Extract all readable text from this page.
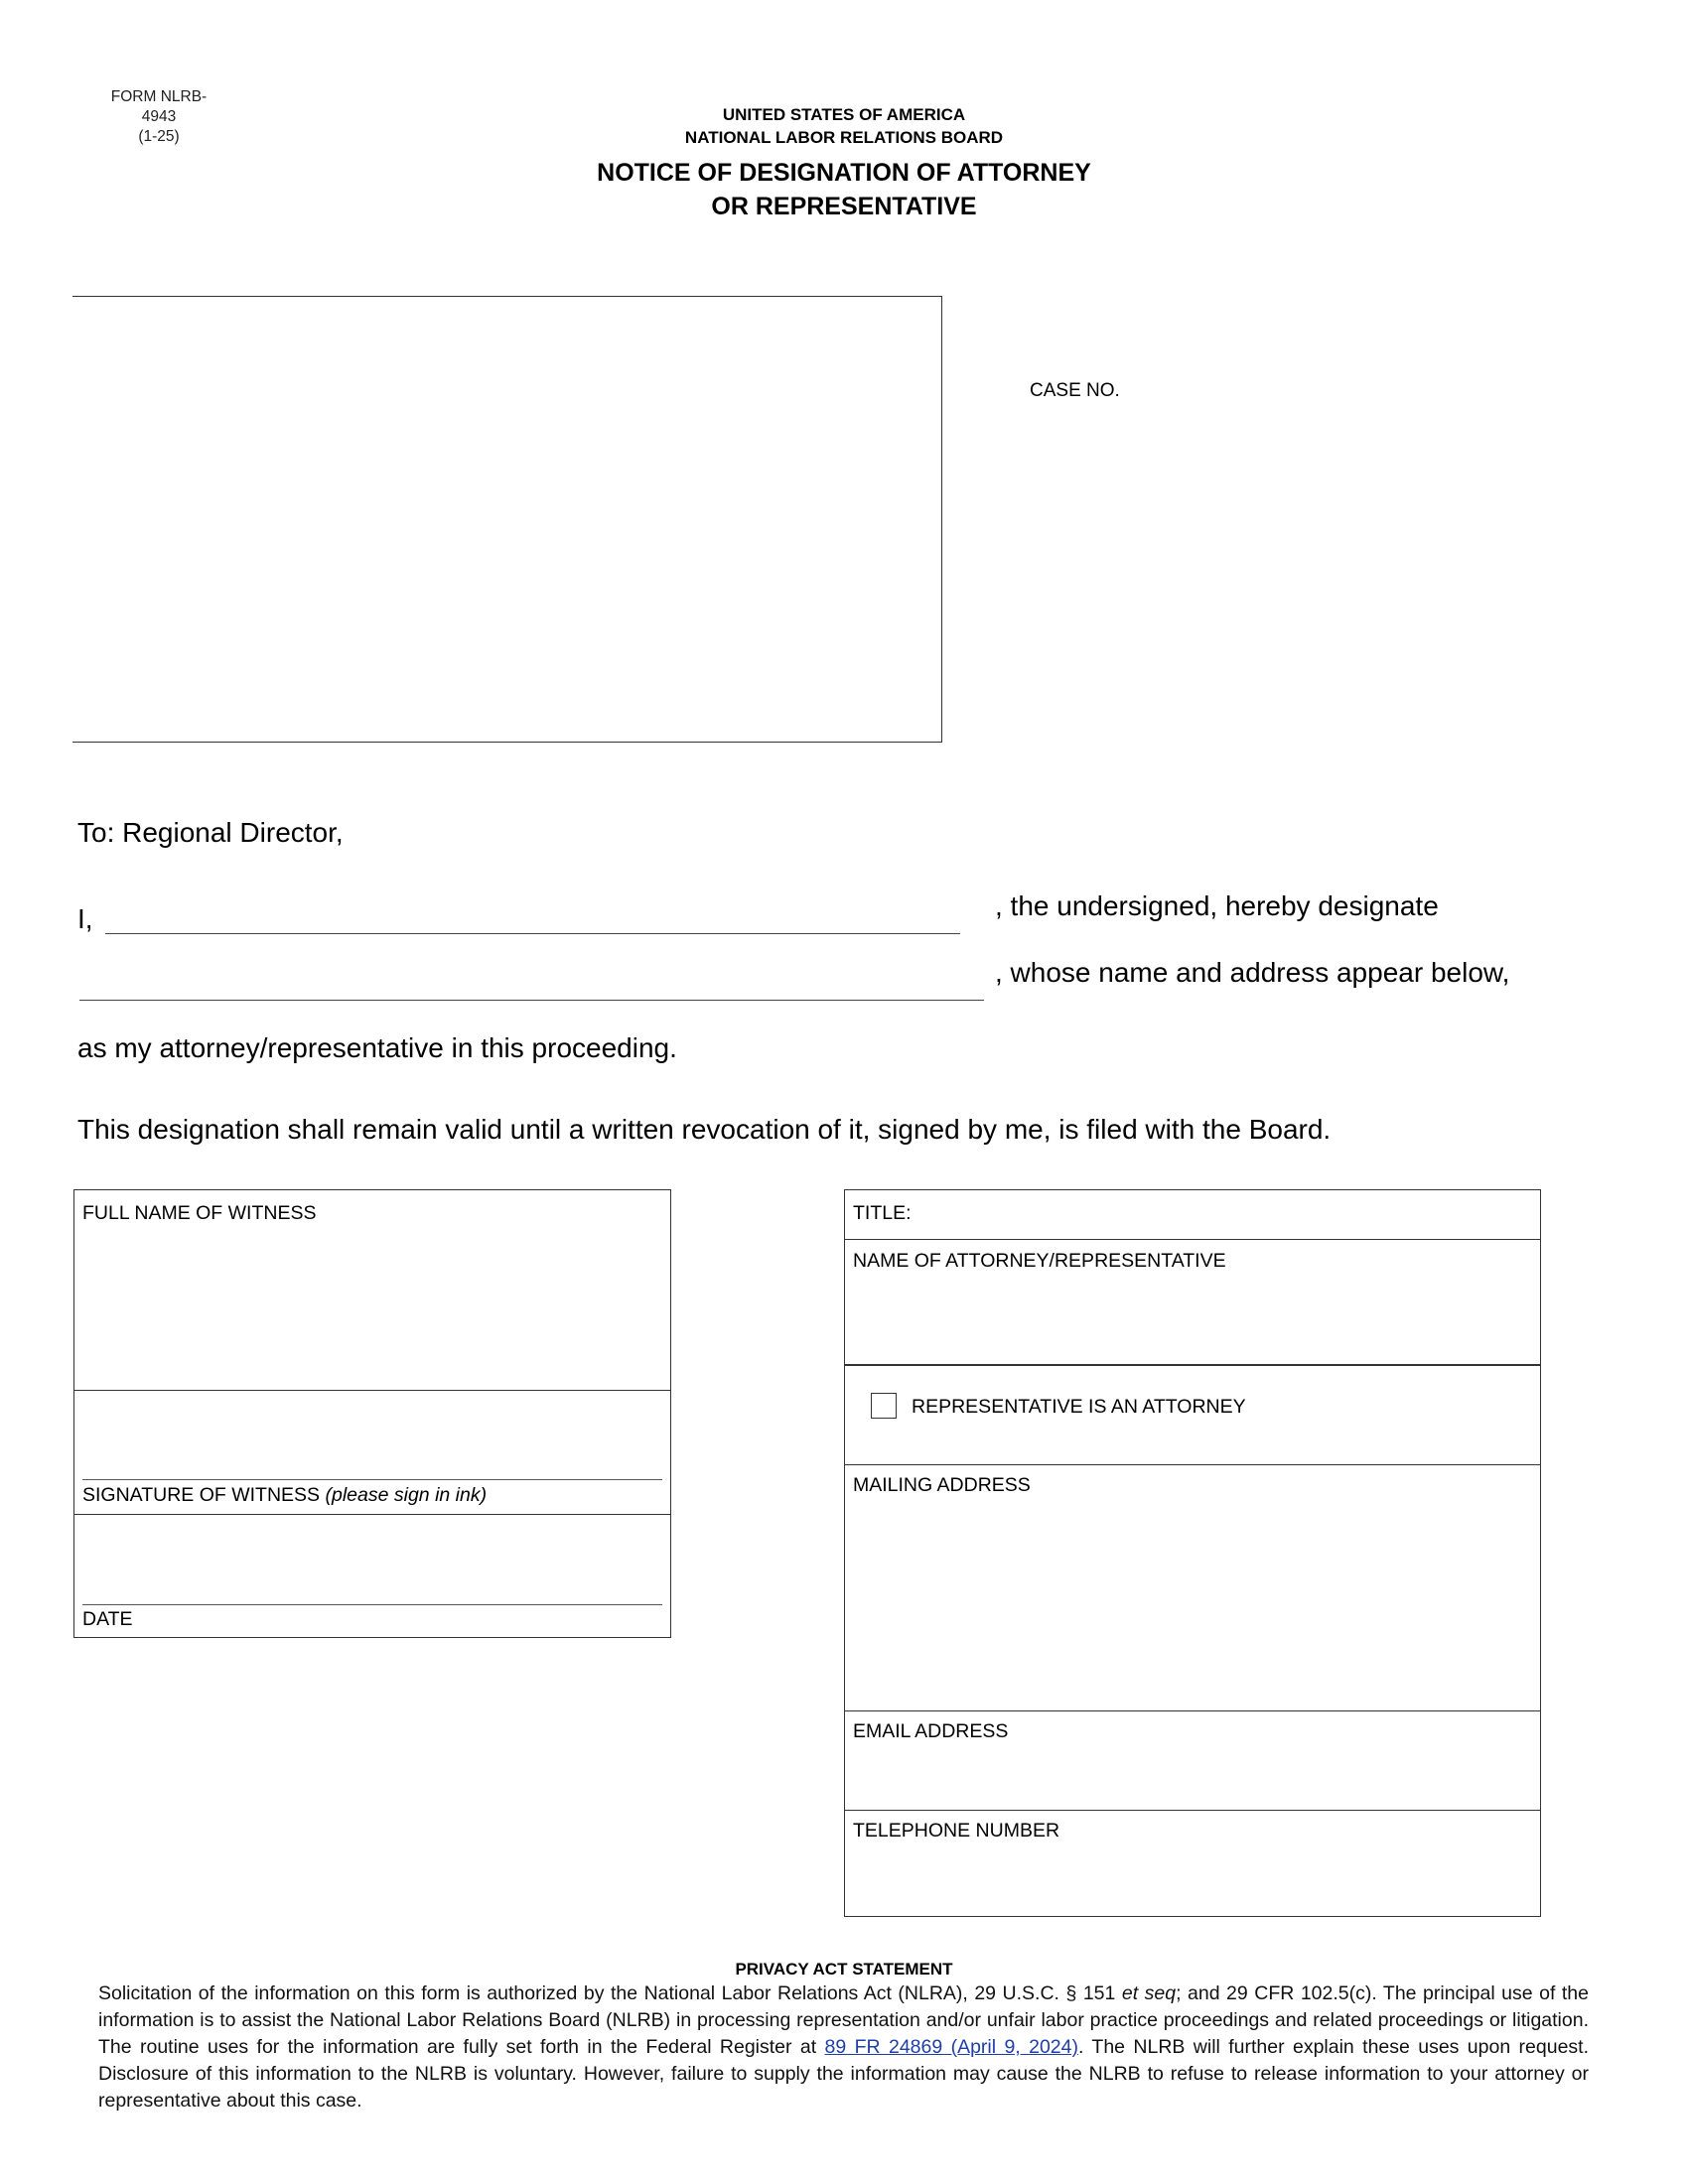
FORM NLRB-4943
(1-25)
UNITED STATES OF AMERICA
NATIONAL LABOR RELATIONS BOARD
NOTICE OF DESIGNATION OF ATTORNEY
OR REPRESENTATIVE
CASE NO.
To: Regional Director,
I,	, the undersigned, hereby designate
, whose name and address appear below,
as my attorney/representative in this proceeding.
This designation shall remain valid until a written revocation of it, signed by me, is filed with the Board.
FULL NAME OF WITNESS
SIGNATURE OF WITNESS (please sign in ink)
DATE
TITLE:
NAME OF ATTORNEY/REPRESENTATIVE
REPRESENTATIVE IS AN ATTORNEY
MAILING ADDRESS
EMAIL ADDRESS
TELEPHONE NUMBER
PRIVACY ACT STATEMENT
Solicitation of the information on this form is authorized by the National Labor Relations Act (NLRA), 29 U.S.C. § 151 et seq; and 29 CFR 102.5(c). The principal use of the information is to assist the National Labor Relations Board (NLRB) in processing representation and/or unfair labor practice proceedings and related proceedings or litigation. The routine uses for the information are fully set forth in the Federal Register at 89 FR 24869 (April 9, 2024). The NLRB will further explain these uses upon request. Disclosure of this information to the NLRB is voluntary. However, failure to supply the information may cause the NLRB to refuse to release information to your attorney or representative about this case.
